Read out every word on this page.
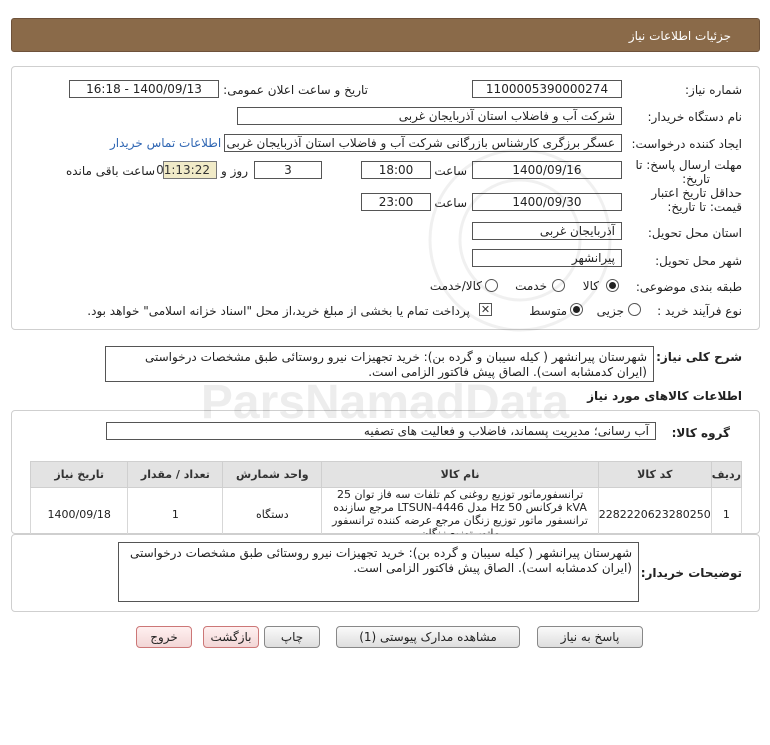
جزئیات اطلاعات نیاز
شماره نیاز:
1100005390000274
تاریخ و ساعت اعلان عمومی:
1400/09/13 - 16:18
نام دستگاه خریدار:
شرکت آب و فاضلاب استان آذربایجان غربی
ایجاد کننده درخواست:
عسگر برزگری کارشناس بازرگانی شرکت آب و فاضلاب استان آذربایجان غربی
اطلاعات تماس خریدار
مهلت ارسال پاسخ: تا
تاریخ:
1400/09/16
ساعت
18:00
3
روز و
01:13:22
ساعت باقی مانده
حداقل تاریخ اعتبار
قیمت: تا تاریخ:
1400/09/30
ساعت
23:00
استان محل تحویل:
آذربایجان غربی
شهر محل تحویل:
پیرانشهر
طبقه بندی موضوعی:
کالا
خدمت
کالا/خدمت
نوع فرآیند خرید :
جزیی
متوسط
✕
پرداخت تمام یا بخشی از مبلغ خرید،از محل "اسناد خزانه اسلامی" خواهد بود.
شرح کلی نیاز:
شهرستان پیرانشهر ( کیله سیبان و گرده بن): خرید تجهیزات نیرو روستائی طبق مشخصات درخواستی (ایران کدمشابه است). الصاق پیش فاکتور الزامی است.
اطلاعات کالاهای مورد نیاز
گروه کالا:
آب رسانی؛ مدیریت پسماند، فاضلاب و فعالیت های تصفیه
ردیف	کد کالا	نام کالا	واحد شمارش	تعداد / مقدار	تاریخ نیاز
1	2282220623280250	ترانسفورماتور توزیع روغنی کم تلفات سه فاز توان 25 kVA فرکانس 50 Hz مدل LTSUN-4446 مرجع سازنده ترانسفور ماتور توزیع زنگان مرجع عرضه کننده ترانسفور	دستگاه	1	1400/09/18
توضیحات خریدار:
شهرستان پیرانشهر ( کیله سیبان و گرده بن): خرید تجهیزات نیرو روستائی طبق مشخصات درخواستی (ایران کدمشابه است). الصاق پیش فاکتور الزامی است.
پاسخ به نیاز
مشاهده مدارک پیوستی (1)
چاپ
بازگشت
خروج
ParsNamadData
